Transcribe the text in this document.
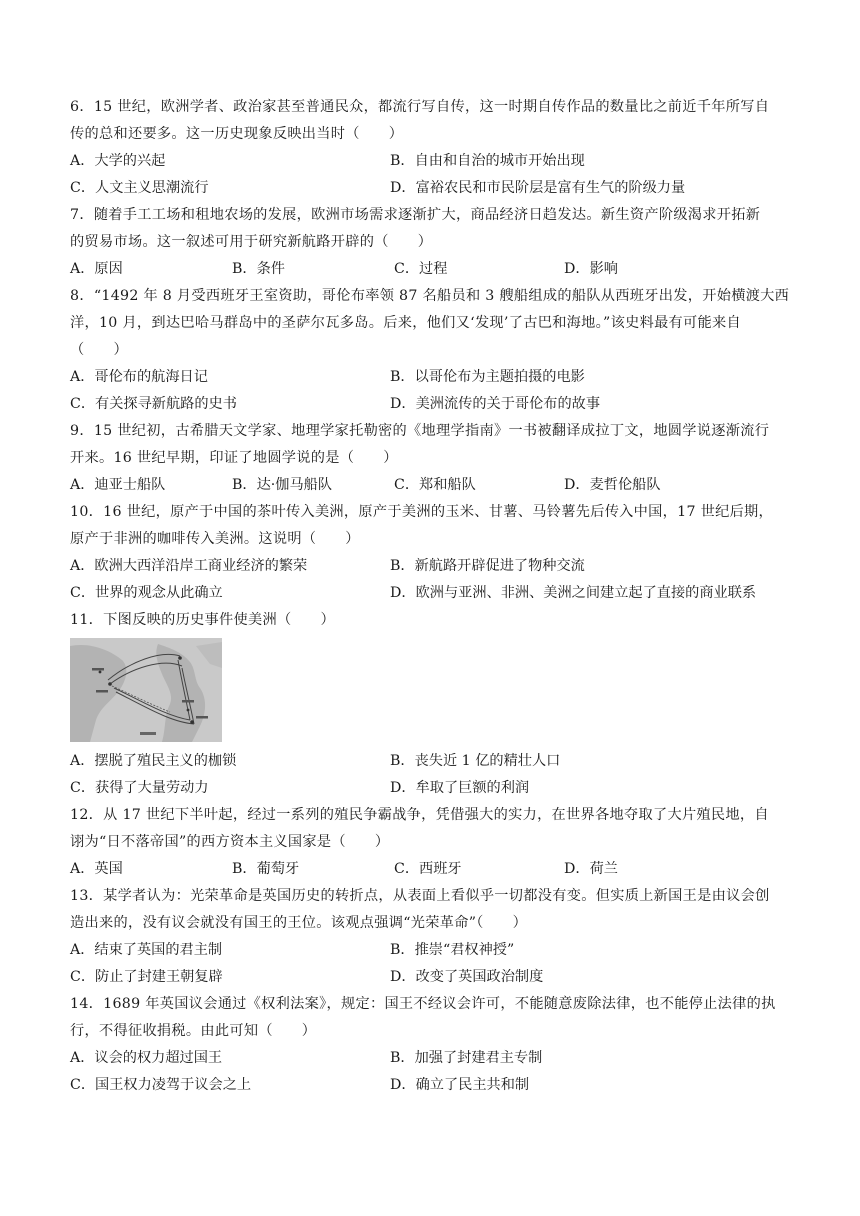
6．15 世纪，欧洲学者、政治家甚至普通民众，都流行写自传，这一时期自传作品的数量比之前近千年所写自
传的总和还要多。这一历史现象反映出当时（　　）
A．大学的兴起	B．自由和自治的城市开始出现
C．人文主义思潮流行	D．富裕农民和市民阶层是富有生气的阶级力量
7．随着手工工场和租地农场的发展，欧洲市场需求逐渐扩大，商品经济日趋发达。新生资产阶级渴求开拓新
的贸易市场。这一叙述可用于研究新航路开辟的（　　）
A．原因	B．条件	C．过程	D．影响
8．“1492 年 8 月受西班牙王室资助，哥伦布率领 87 名船员和 3 艘船组成的船队从西班牙出发，开始横渡大西
洋，10 月，到达巴哈马群岛中的圣萨尔瓦多岛。后来，他们又‘发现’了古巴和海地。”该史料最有可能来自
（　　）
A．哥伦布的航海日记	B．以哥伦布为主题拍摄的电影
C．有关探寻新航路的史书	D．美洲流传的关于哥伦布的故事
9．15 世纪初，古希腊天文学家、地理学家托勒密的《地理学指南》一书被翻译成拉丁文，地圆学说逐渐流行
开来。16 世纪早期，印证了地圆学说的是（　　）
A．迪亚士船队	B．达·伽马船队	C．郑和船队	D．麦哲伦船队
10．16 世纪，原产于中国的茶叶传入美洲，原产于美洲的玉米、甘薯、马铃薯先后传入中国，17 世纪后期，
原产于非洲的咖啡传入美洲。这说明（　　）
A．欧洲大西洋沿岸工商业经济的繁荣	B．新航路开辟促进了物种交流
C．世界的观念从此确立	D．欧洲与亚洲、非洲、美洲之间建立起了直接的商业联系
11．下图反映的历史事件使美洲（　　）
A．摆脱了殖民主义的枷锁	B．丧失近 1 亿的精壮人口
C．获得了大量劳动力	D．牟取了巨额的利润
12．从 17 世纪下半叶起，经过一系列的殖民争霸战争，凭借强大的实力，在世界各地夺取了大片殖民地，自
诩为“日不落帝国”的西方资本主义国家是（　　）
A．英国	B．葡萄牙	C．西班牙	D．荷兰
13．某学者认为：光荣革命是英国历史的转折点，从表面上看似乎一切都没有变。但实质上新国王是由议会创
造出来的，没有议会就没有国王的王位。该观点强调“光荣革命”（　　）
A．结束了英国的君主制	B．推崇“君权神授”
C．防止了封建王朝复辟	D．改变了英国政治制度
14．1689 年英国议会通过《权利法案》，规定：国王不经议会许可，不能随意废除法律，也不能停止法律的执
行，不得征收捐税。由此可知（　　）
A．议会的权力超过国王	B．加强了封建君主专制
C．国王权力凌驾于议会之上	D．确立了民主共和制
